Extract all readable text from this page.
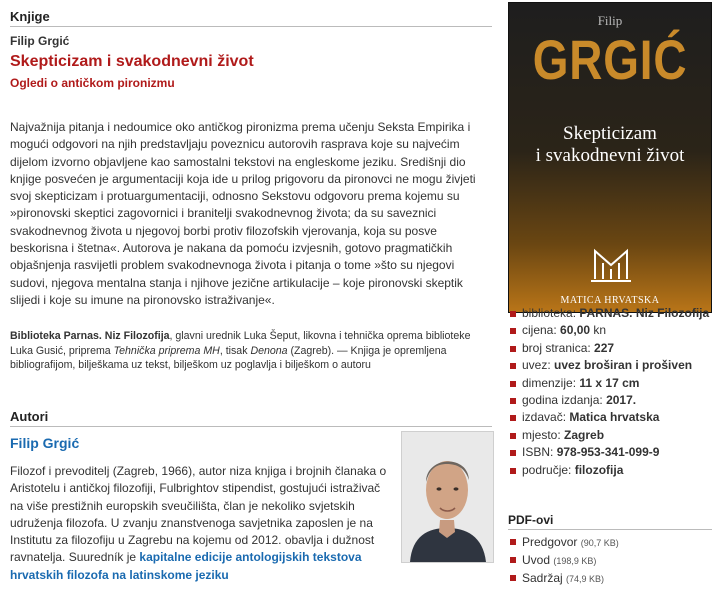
Knjige
Filip Grgić
Skepticizam i svakodnevni život
Ogledi o antičkom pironizmu

Najvažnija pitanja i nedoumice oko antičkog pironizma prema učenju Seksta Empirika i mogući odgovori na njih predstavljaju poveznicu autorovih rasprava koje su najvećim dijelom izvorno objavljene kao samostalni tekstovi na engleskome jeziku. Središnji dio knjige posvećen je argumentaciji koja ide u prilog prigovoru da pironovci ne mogu živjeti svoj skepticizam i protuargumentaciji, odnosno Sekstovu odgovoru prema kojemu su »pironovski skeptici zagovornici i branitelji svakodnevnog života; da su saveznici svakodnevnog života u njegovoj borbi protiv filozofskih vjerovanja, koja su posve beskorisna i štetna«. Autorova je nakana da pomoću izvjesnih, gotovo pragmatičkih objašnjenja rasvijetli problem svakodnevnoga života i pitanja o tome »što su njegovi sudovi, njegova mentalna stanja i njihove jezične artikulacije – koje pironovski skeptik slijedi i koje su imune na pironovsko istraživanje«.

Biblioteka Parnas. Niz Filozofija, glavni urednik Luka Šeput, likovna i tehnička oprema biblioteke Luka Gusić, priprema Tehnička priprema MH, tisak Denona (Zagreb). — Knjiga je opremljena bibliografijom, bilješkama uz tekst, bilješkom uz poglavlja i bilješkom o autoru

Autori
Filip Grgić

Filozof i prevoditelj (Zagreb, 1966), autor niza knjiga i brojnih članaka o Aristotelu i antičkoj filozofiji, Fulbrightov stipendist, gostujući istraživač na više prestižnih europskih sveučilišta, član je nekoliko svjetskih udruženja filozofa. U zvanju znanstvenoga savjetnika zaposlen je na Institutu za filozofiju u Zagrebu na kojemu od 2012. obavlja i dužnost ravnatelja. Suuredník je kapitalne edicije antologijskih tekstova hrvatskih filozofa na latinskome jeziku

Filip
GRGIĆ
Skepticizam
i svakodnevni život
MATICA HRVATSKA
biblioteka: PARNAS. Niz Filozofija
cijena: 60,00 kn
broj stranica: 227
uvez: uvez broširan i prošiven
dimenzije: 11 x 17 cm
godina izdanja: 2017.
izdavač: Matica hrvatska
mjesto: Zagreb
ISBN: 978-953-341-099-9
područje: filozofija
PDF-ovi
Predgovor (90,7 KB)
Uvod (198,9 KB)
Sadržaj (74,9 KB)
